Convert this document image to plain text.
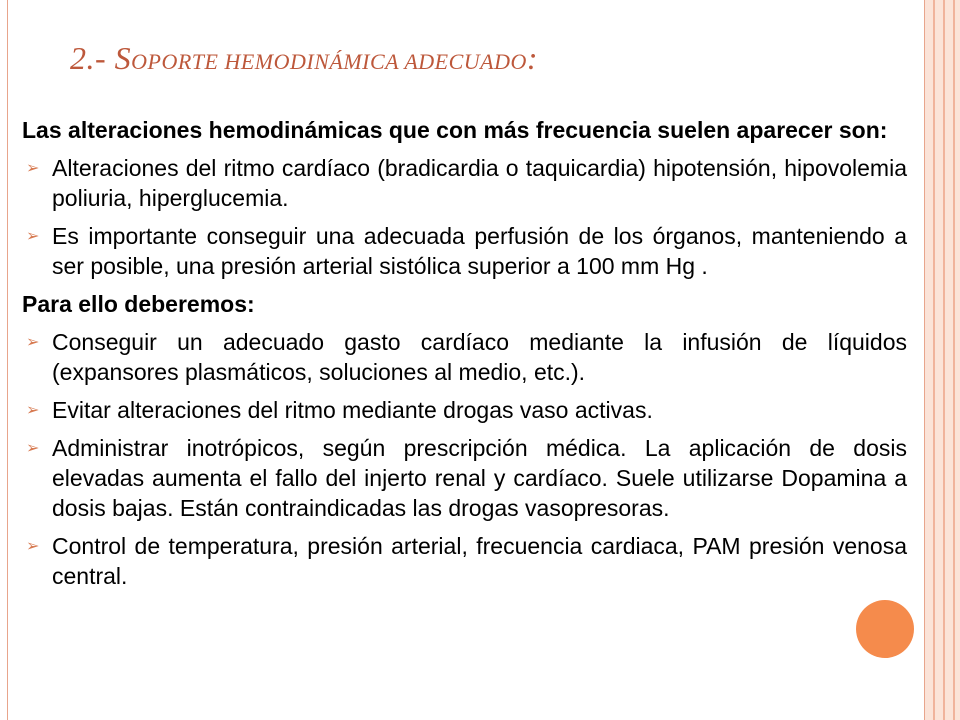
2.- SOPORTE HEMODINÁMICA ADECUADO:

Las alteraciones hemodinámicas que con más frecuencia suelen aparecer son:

➢ Alteraciones del ritmo cardíaco (bradicardia o taquicardia) hipotensión, hipovolemia poliuria, hiperglucemia.
➢ Es importante conseguir una adecuada perfusión de los órganos, manteniendo a ser posible, una presión arterial sistólica superior a 100 mm Hg .

Para ello deberemos:

➢ Conseguir un adecuado gasto cardíaco mediante la infusión de líquidos (expansores plasmáticos, soluciones al medio, etc.).
➢ Evitar alteraciones del ritmo mediante drogas vaso activas.
➢ Administrar inotrópicos, según prescripción médica. La aplicación de dosis elevadas aumenta el fallo del injerto renal y cardíaco. Suele utilizarse Dopamina a dosis bajas. Están contraindicadas las drogas vasopresoras.
➢ Control de temperatura, presión arterial, frecuencia cardiaca, PAM presión venosa central.
